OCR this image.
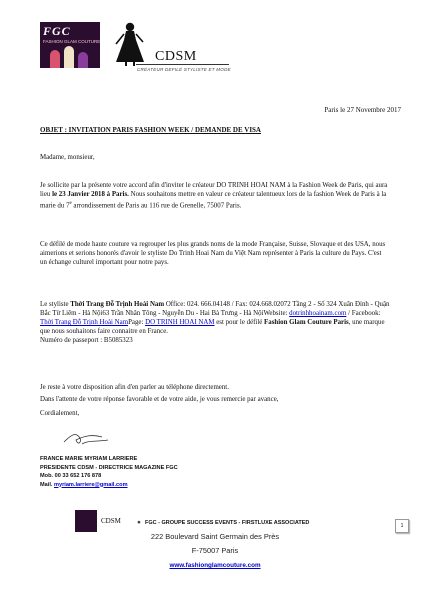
FGC
FASHION GLAM COUTURE
CDSM
CRÉATEUR DEFILÉ STYLISTE ET MODE
Paris le 27 Novembre 2017
OBJET : INVITATION PARIS FASHION WEEK / DEMANDE DE VISA

Madame, monsieur,

Je sollicite par la présente votre accord afin d'inviter le créateur DO TRINH HOAI NAM à la Fashion Week de Paris, qui aura lieu le 23 Janvier 2018 à Paris. Nous souhaitons mettre en valeur ce créateur talentueux lors de la fashion Week de Paris à la marie du 7e arrondissement de Paris au 116 rue de Grenelle, 75007 Paris.

Ce défilé de mode haute couture va regrouper les plus grands noms de la mode Française, Suisse, Slovaque et des USA, nous aimerions et serions honorés d'avoir le styliste Do Trinh Hoai Nam du Việt Nam représenter à Paris la culture du Pays. C'est un échange culturel important pour notre pays.

Le styliste Thời Trang Đỗ Trịnh Hoài Nam Office: 024. 666.04148 / Fax: 024.668.02072 Tầng 2 - Số 324 Xuân Đỉnh - Quận Bắc Từ Liêm - Hà Nội63 Trần Nhân Tông - Nguyễn Du - Hai Bà Trưng - Hà NộiWebsite: dotrinhhoainam.com / Facebook: Thời Trang Đỗ Trịnh Hoài NamPage: DO TRINH HOAI NAM est pour le défilé Fashion Glam Couture Paris, une marque que nous souhaitons faire connaitre en France.
Numéro de passeport : B5085323

Je reste à votre disposition afin d'en parler au téléphone directement.

Dans l'attente de votre réponse favorable et de votre aide, je vous remercie par avance,

Cordialement,

FRANCE MARIE MYRIAM LARRIERE
PRESIDENTE CDSM - DIRECTRICE MAGAZINE FGC
Mob. 00 33 652 176 878
Mail. myriam.larriere@gmail.com
CDSM ● FGC - GROUPE SUCCESS EVENTS - FIRSTLUXE ASSOCIATED
222 Boulevard Saint Germain des Près
F-75007 Paris
www.fashionglamcouture.com
1
